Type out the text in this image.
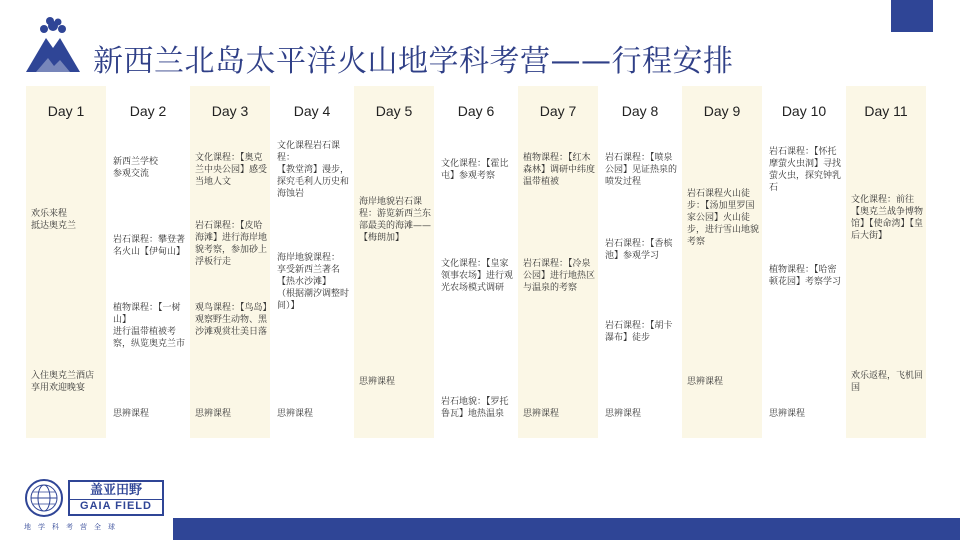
新西兰北岛太平洋火山地学科考营——行程安排
Day 1
欢乐来程
抵达奥克兰
入住奥克兰酒店
享用欢迎晚宴
Day 2
新西兰学校
参观交流
岩石课程：攀登著名火山【伊甸山】
植物课程：【一树山】
进行温带植被考察，纵览奥克兰市
思辨课程
Day 3
文化课程：【奥克兰中央公园】感受当地人文
岩石课程：【皮哈海滩】进行海岸地貌考察，参加砂上浮板行走
观鸟课程：【鸟岛】观察野生动物、黑沙滩观赏壮美日落
思辨课程
Day 4
文化课程岩石课程：
【教堂湾】漫步，探究毛利人历史和海蚀岩
海岸地貌课程：
享受新西兰著名【热水沙滩】
（根据潮汐调整时间）】
思辨课程
Day 5
海岸地貌岩石课程：游览新西兰东部最美的海滩——【梅朗加】
思辨课程
Day 6
文化课程：【霍比屯】参观考察
文化课程：【皇家领事农场】进行观光农场模式调研
岩石地貌：【罗托鲁瓦】地热温泉
Day 7
植物课程：【红木森林】调研中纬度温带植被
岩石课程：【冷泉公园】进行地热区与温泉的考察
思辨课程
Day 8
岩石课程：【喷泉公园】见证热泉的喷发过程
岩石课程：【香槟池】参观学习
岩石课程：【胡卡瀑布】徒步
思辨课程
Day 9
岩石课程火山徒步：【汤加里罗国家公园】火山徒步，进行雪山地貌考察
思辨课程
Day 10
岩石课程：【怀托摩萤火虫洞】寻找萤火虫，探究钟乳石
植物课程：【哈密顿花园】考察学习
思辨课程
Day 11
文化课程：前往【奥克兰战争博物馆】【使命湾】【皇后大街】
欢乐返程，飞机回国
盖亚田野
GAIA FIELD
地学科考营全球
